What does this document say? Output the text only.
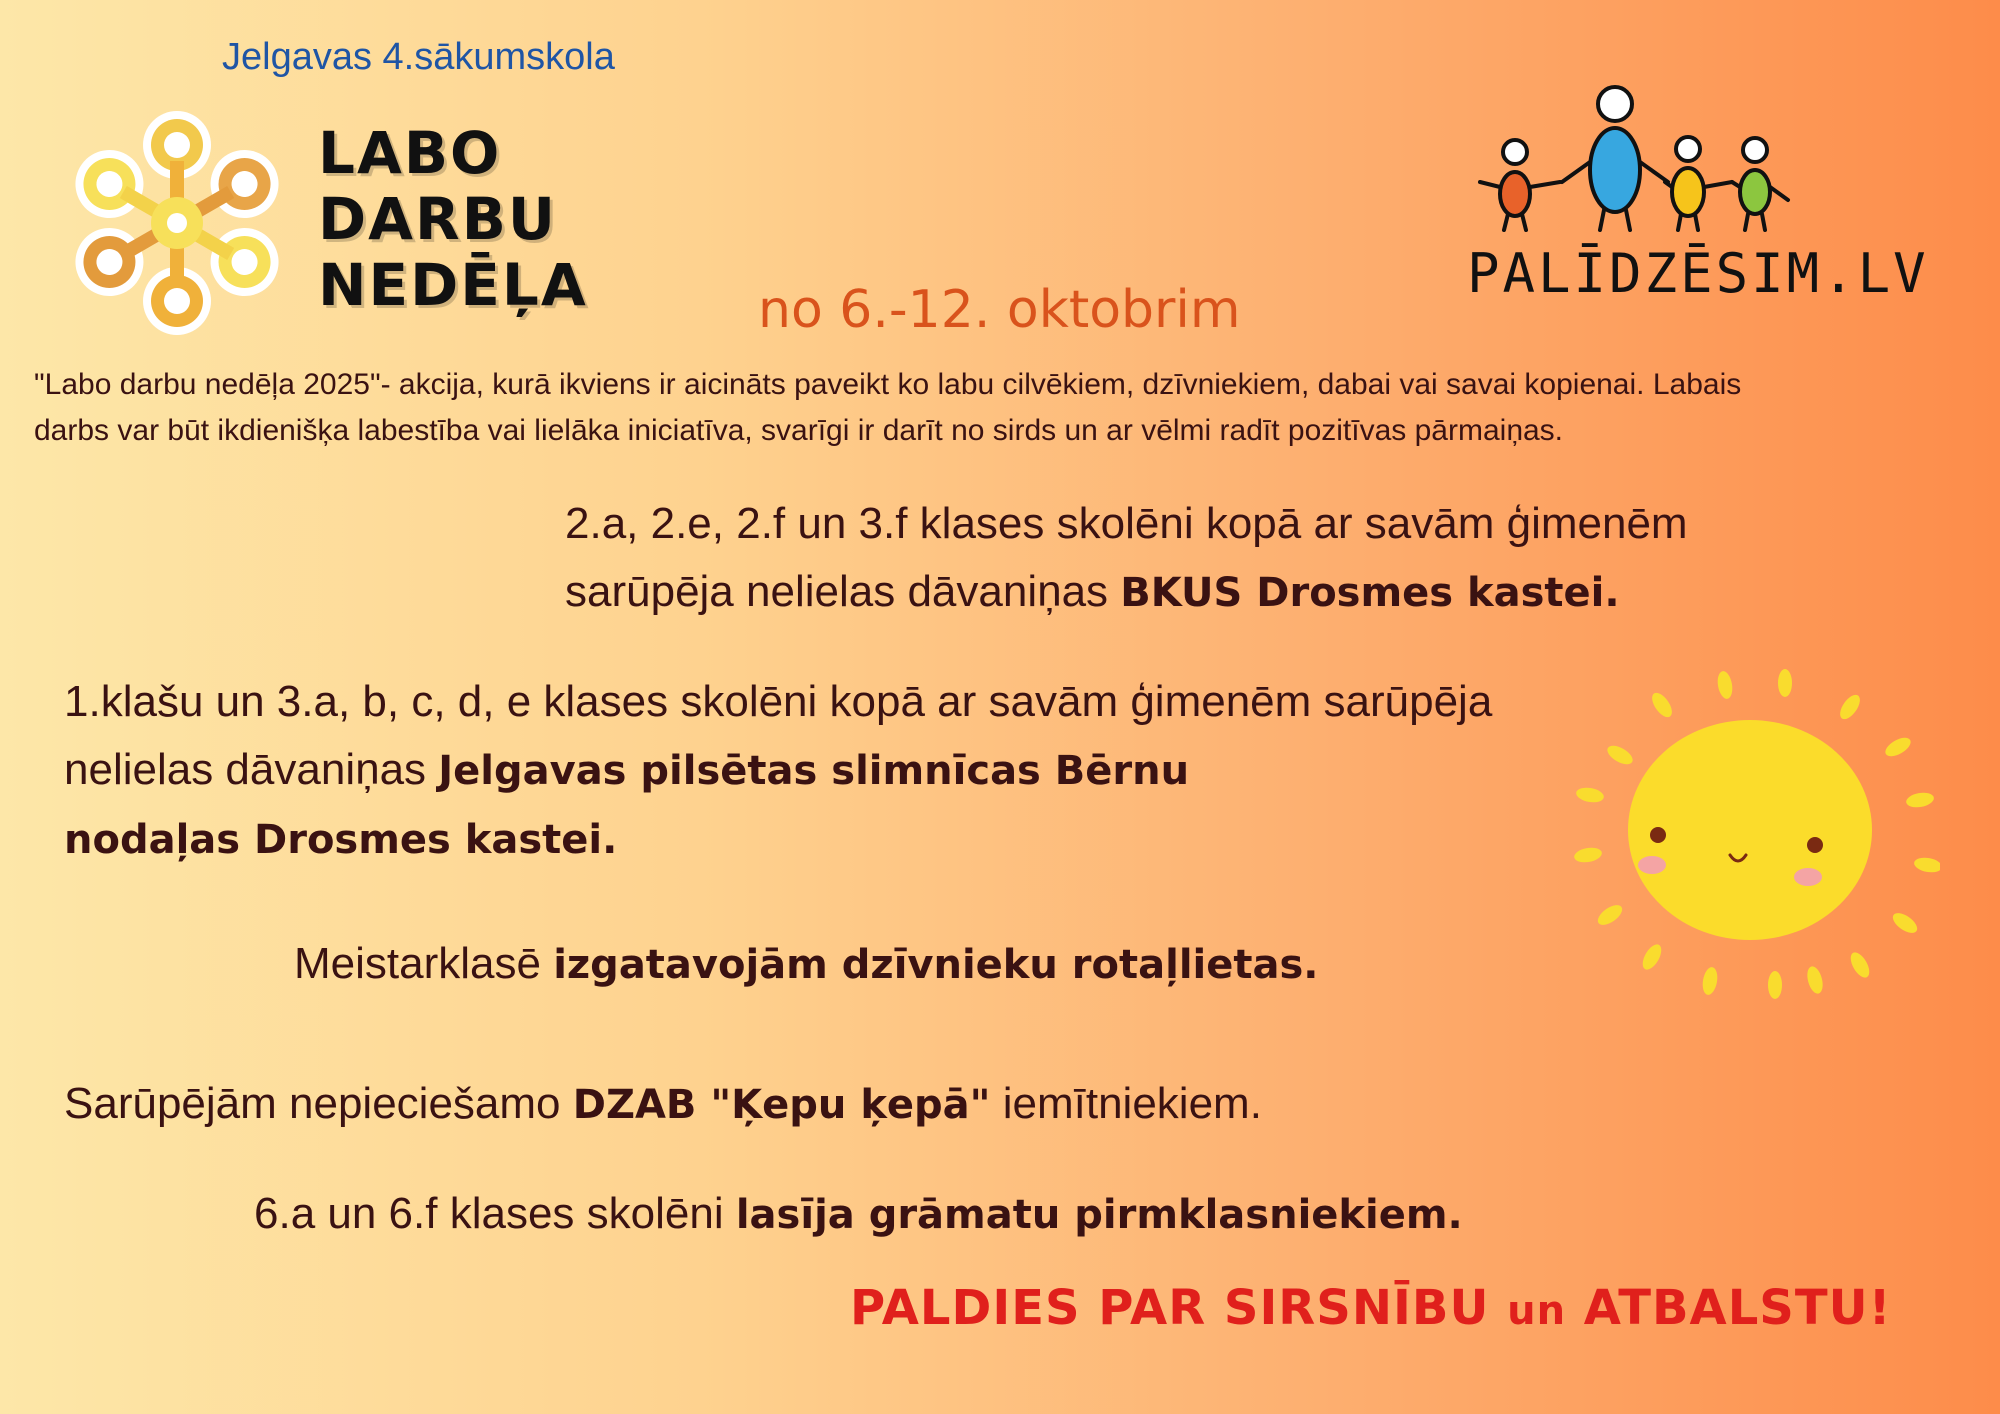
Jelgavas 4.sākumskola
LABO
DARBU
NEDĒĻA	PALĪDZĒSIM.LV
no 6.-12. oktobrim
"Labo darbu nedēļa 2025"- akcija, kurā ikviens ir aicināts paveikt ko labu cilvēkiem, dzīvniekiem, dabai vai savai kopienai. Labais
darbs var būt ikdienišķa labestība vai lielāka iniciatīva, svarīgi ir darīt no sirds un ar vēlmi radīt pozitīvas pārmaiņas.
2.a, 2.e, 2.f un 3.f klases skolēni kopā ar savām ģimenēm
sarūpēja nelielas dāvaniņas BKUS Drosmes kastei.
1.klašu un 3.a, b, c, d, e klases skolēni kopā ar savām ģimenēm sarūpēja
nelielas dāvaniņas Jelgavas pilsētas slimnīcas Bērnu
nodaļas Drosmes kastei.
Meistarklasē izgatavojām dzīvnieku rotaļlietas.
Sarūpējām nepieciešamo DZAB "Ķepu ķepā" iemītniekiem.
6.a un 6.f klases skolēni lasīja grāmatu pirmklasniekiem.
PALDIES PAR SIRSNĪBU un ATBALSTU!
